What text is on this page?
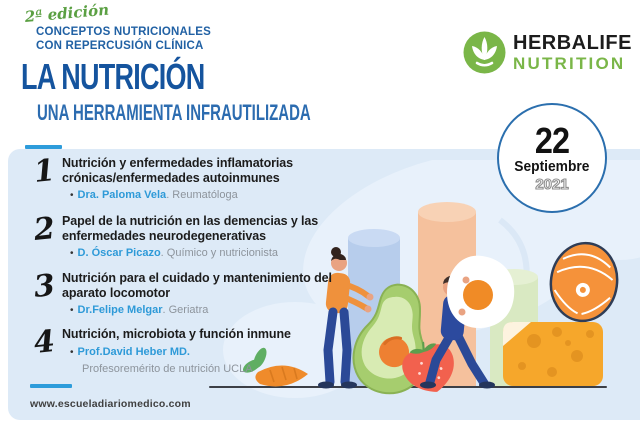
2ª edición
CONCEPTOS NUTRICIONALES
CON REPERCUSIÓN CLÍNICA
LA NUTRICIÓN
UNA HERRAMIENTA INFRAUTILIZADA
HERBALIFE
NUTRITION
22
Septiembre
2021
1 Nutrición y enfermedades inflamatorias crónicas/enfermedades autoinmunes
• Dra. Paloma Vela. Reumatóloga
2 Papel de la nutrición en las demencias y las enfermedades neurodegenerativas
• D. Óscar Picazo. Químico y nutricionista
3 Nutrición para el cuidado y mantenimiento del aparato locomotor
• Dr.Felipe Melgar. Geriatra
4 Nutrición, microbiota y función inmune
• Prof.David Heber MD.
Profesoremérito de nutrición UCLA
www.escueladiariomedico.com
